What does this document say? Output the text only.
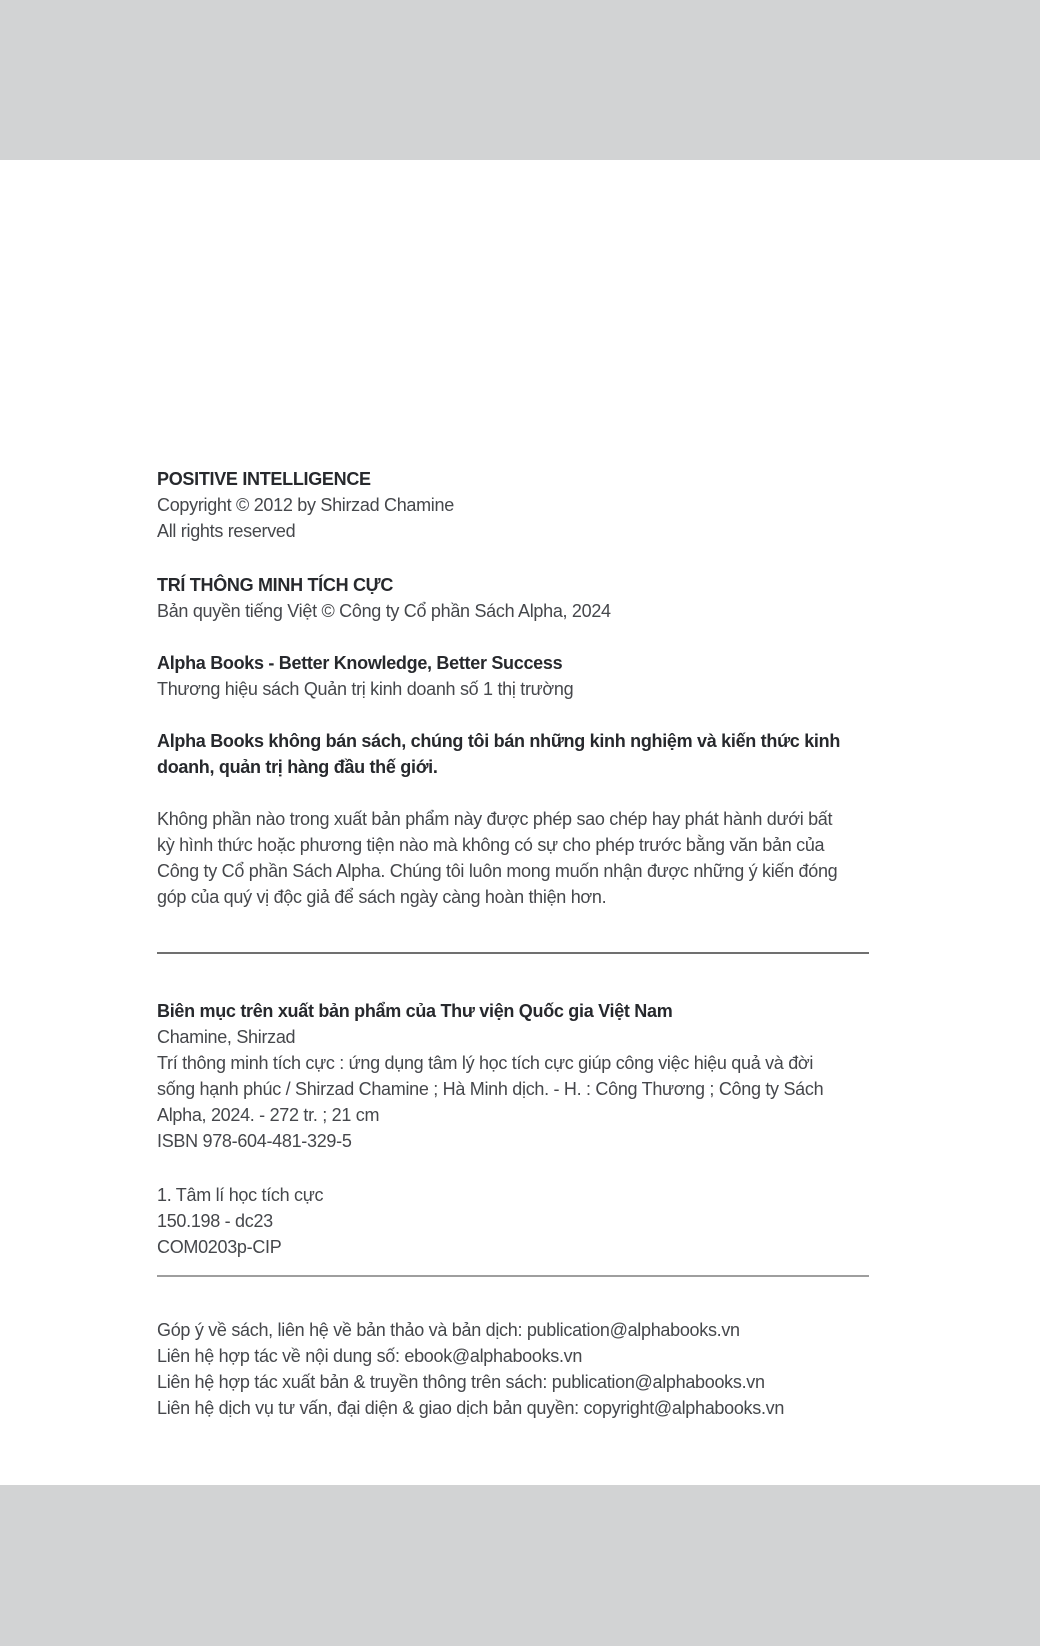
POSITIVE INTELLIGENCE
Copyright © 2012 by Shirzad Chamine
All rights reserved
TRÍ THÔNG MINH TÍCH CỰC
Bản quyền tiếng Việt © Công ty Cổ phần Sách Alpha, 2024
Alpha Books - Better Knowledge, Better Success
Thương hiệu sách Quản trị kinh doanh số 1 thị trường
Alpha Books không bán sách, chúng tôi bán những kinh nghiệm và kiến thức kinh
doanh, quản trị hàng đầu thế giới.
Không phần nào trong xuất bản phẩm này được phép sao chép hay phát hành dưới bất
kỳ hình thức hoặc phương tiện nào mà không có sự cho phép trước bằng văn bản của
Công ty Cổ phần Sách Alpha. Chúng tôi luôn mong muốn nhận được những ý kiến đóng
góp của quý vị độc giả để sách ngày càng hoàn thiện hơn.
Biên mục trên xuất bản phẩm của Thư viện Quốc gia Việt Nam
Chamine, Shirzad
Trí thông minh tích cực : ứng dụng tâm lý học tích cực giúp công việc hiệu quả và đời
sống hạnh phúc / Shirzad Chamine ; Hà Minh dịch. - H. : Công Thương ; Công ty Sách
Alpha, 2024. - 272 tr. ; 21 cm
ISBN 978-604-481-329-5
1. Tâm lí học tích cực
150.198 - dc23
COM0203p-CIP
Góp ý về sách, liên hệ về bản thảo và bản dịch: publication@alphabooks.vn
Liên hệ hợp tác về nội dung số: ebook@alphabooks.vn
Liên hệ hợp tác xuất bản & truyền thông trên sách: publication@alphabooks.vn
Liên hệ dịch vụ tư vấn, đại diện & giao dịch bản quyền: copyright@alphabooks.vn
